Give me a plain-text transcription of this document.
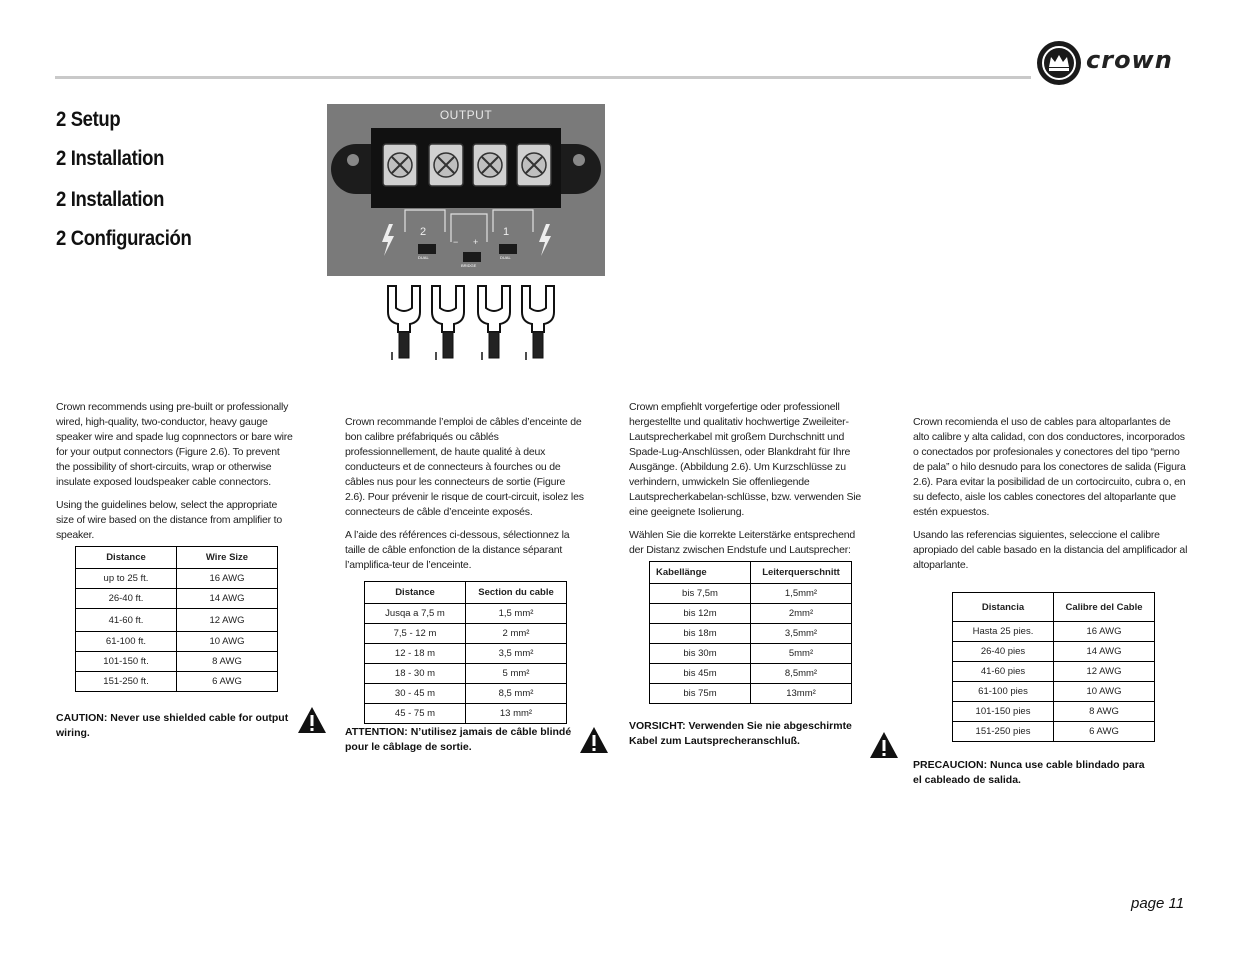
crown
2 Setup
2 Installation
2 Installation
2 Configuración
OUTPUT
2	1
− +
DUAL
BRIDGE
DUAL

Crown recommends using pre-built or professionally wired, high-quality, two-conductor, heavy gauge speaker wire and spade lug copnnectors or bare wire for your output connectors (Figure 2.6). To prevent the possibility of short-circuits, wrap or otherwise insulate exposed loudspeaker cable connectors.

Using the guidelines below, select the appropriate size of wire based on the distance from amplifier to speaker.

Distance	Wire Size
up to 25 ft.	16 AWG
26-40 ft.	14 AWG
41-60 ft.	12 AWG
61-100 ft.	10 AWG
101-150 ft.	8 AWG
151-250 ft.	6 AWG
CAUTION: Never use shielded cable for output wiring.

Crown recommande l’emploi de câbles d’enceinte de bon calibre préfabriqués ou câblés professionnellement, de haute qualité à deux conducteurs et de connecteurs à fourches ou de câbles nus pour les connecteurs de sortie (Figure 2.6). Pour prévenir le risque de court-circuit, isolez les connecteurs de câble d’enceinte exposés.

A l’aide des références ci-dessous, sélectionnez la taille de câble enfonction de la distance séparant l’amplifica-teur de l’enceinte.

Distance	Section du cable
Jusqa a 7,5 m	1,5 mm²
7,5 - 12 m	2 mm²
12 - 18 m	3,5 mm²
18 - 30 m	5 mm²
30 - 45 m	8,5 mm²
45 - 75 m	13 mm²
ATTENTION: N’utilisez jamais de câble blindé pour le câblage de sortie.

Crown empfiehlt vorgefertige oder professionell hergestellte und qualitativ hochwertige Zweileiter-Lautsprecherkabel mit großem Durchschnitt und Spade-Lug-Anschlüssen, oder Blankdraht für Ihre Ausgänge. (Abbildung 2.6). Um Kurzschlüsse zu verhindern, umwickeln Sie offenliegende Lautsprecherkabelan-schlüsse, bzw. verwenden Sie eine geeignete Isolierung.

Wählen Sie die korrekte Leiterstärke entsprechend der Distanz zwischen Endstufe und Lautsprecher:

Kabellänge	Leiterquerschnitt
bis 7,5m	1,5mm²
bis 12m	2mm²
bis 18m	3,5mm²
bis 30m	5mm²
bis 45m	8,5mm²
bis 75m	13mm²
VORSICHT: Verwenden Sie nie abgeschirmte Kabel zum Lautsprecheranschluß.

Crown recomienda el uso de cables para altoparlantes de alto calibre y alta calidad, con dos conductores, incorporados o conectados por profesionales y conectores del tipo “perno de pala” o hilo desnudo para los conectores de salida (Figura 2.6). Para evitar la posibilidad de un cortocircuito, cubra o, en su defecto, aisle los cables conectores del altoparlante que estén expuestos.

Usando las referencias siguientes, seleccione el calibre apropiado del cable basado en la distancia del amplificador al altoparlante.

Distancia	Calibre del Cable
Hasta 25 pies.	16 AWG
26-40 pies	14 AWG
41-60 pies	12 AWG
61-100 pies	10 AWG
101-150 pies	8 AWG
151-250 pies	6 AWG
PRECAUCION: Nunca use cable blindado para el cableado de salida.
page 11
